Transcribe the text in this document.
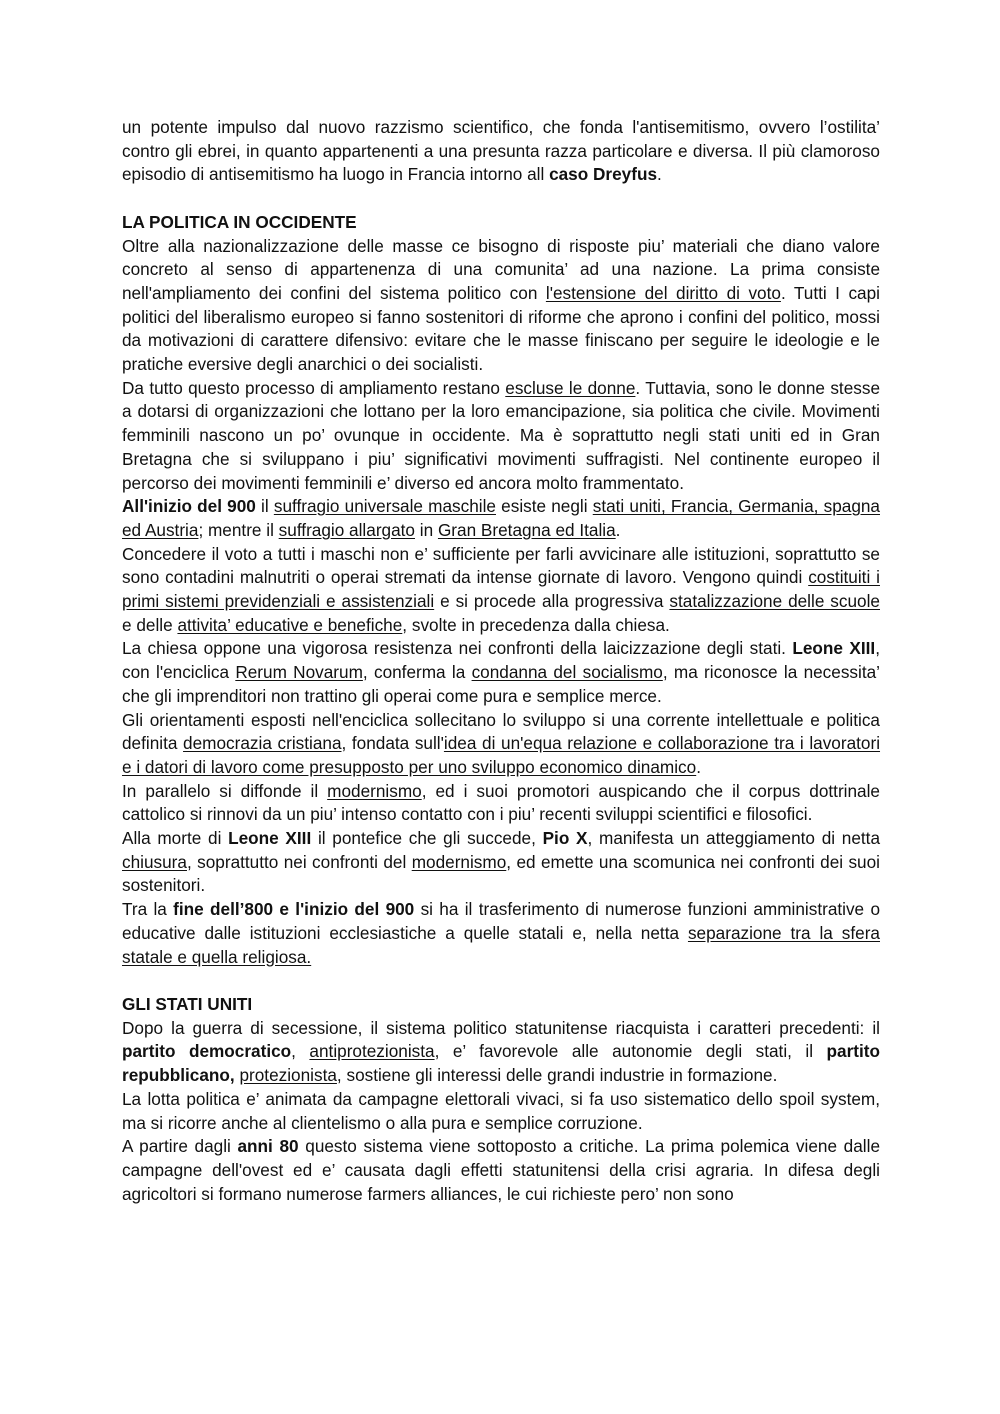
un potente impulso dal nuovo razzismo scientifico, che fonda l'antisemitismo, ovvero l’ostilita’ contro gli ebrei, in quanto appartenenti a una presunta razza particolare e diversa. Il più clamoroso episodio di antisemitismo ha luogo in Francia intorno all caso Dreyfus.

LA POLITICA IN OCCIDENTE

Oltre alla nazionalizzazione delle masse ce bisogno di risposte piu’ materiali che diano valore concreto al senso di appartenenza di una comunita’ ad una nazione. La prima consiste nell'ampliamento dei confini del sistema politico con l'estensione del diritto di voto. Tutti I capi politici del liberalismo europeo si fanno sostenitori di riforme che aprono i confini del politico, mossi da motivazioni di carattere difensivo: evitare che le masse finiscano per seguire le ideologie e le pratiche eversive degli anarchici o dei socialisti.

Da tutto questo processo di ampliamento restano escluse le donne. Tuttavia, sono le donne stesse a dotarsi di organizzazioni che lottano per la loro emancipazione, sia politica che civile. Movimenti femminili nascono un po’ ovunque in occidente. Ma è soprattutto negli stati uniti ed in Gran Bretagna che si sviluppano i piu’ significativi movimenti suffragisti. Nel continente europeo il percorso dei movimenti femminili e’ diverso ed ancora molto frammentato.

All'inizio del 900 il suffragio universale maschile esiste negli stati uniti, Francia, Germania, spagna ed Austria; mentre il suffragio allargato in Gran Bretagna ed Italia.

Concedere il voto a tutti i maschi non e’ sufficiente per farli avvicinare alle istituzioni, soprattutto se sono contadini malnutriti o operai stremati da intense giornate di lavoro. Vengono quindi costituiti i primi sistemi previdenziali e assistenziali e si procede alla progressiva statalizzazione delle scuole e delle attivita’ educative e benefiche, svolte in precedenza dalla chiesa.

La chiesa oppone una vigorosa resistenza nei confronti della laicizzazione degli stati. Leone XIII, con l'enciclica Rerum Novarum, conferma la condanna del socialismo, ma riconosce la necessita’ che gli imprenditori non trattino gli operai come pura e semplice merce.

Gli orientamenti esposti nell'enciclica sollecitano lo sviluppo si una corrente intellettuale e politica definita democrazia cristiana, fondata sull'idea di un'equa relazione e collaborazione tra i lavoratori e i datori di lavoro come presupposto per uno sviluppo economico dinamico.

In parallelo si diffonde il modernismo, ed i suoi promotori auspicando che il corpus dottrinale cattolico si rinnovi da un piu’ intenso contatto con i piu’ recenti sviluppi scientifici e filosofici.

Alla morte di Leone XIII il pontefice che gli succede, Pio X, manifesta un atteggiamento di netta chiusura, soprattutto nei confronti del modernismo, ed emette una scomunica nei confronti dei suoi sostenitori.

Tra la fine dell’800 e l'inizio del 900 si ha il trasferimento di numerose funzioni amministrative o educative dalle istituzioni ecclesiastiche a quelle statali e, nella netta separazione tra la sfera statale e quella religiosa.

GLI STATI UNITI

Dopo la guerra di secessione, il sistema politico statunitense riacquista i caratteri precedenti: il partito democratico, antiprotezionista, e’ favorevole alle autonomie degli stati, il partito repubblicano, protezionista, sostiene gli interessi delle grandi industrie in formazione.

La lotta politica e’ animata da campagne elettorali vivaci, si fa uso sistematico dello spoil system, ma si ricorre anche al clientelismo o alla pura e semplice corruzione.

A partire dagli anni 80 questo sistema viene sottoposto a critiche. La prima polemica viene dalle campagne dell'ovest ed e’ causata dagli effetti statunitensi della crisi agraria. In difesa degli agricoltori si formano numerose farmers alliances, le cui richieste pero’ non sono
